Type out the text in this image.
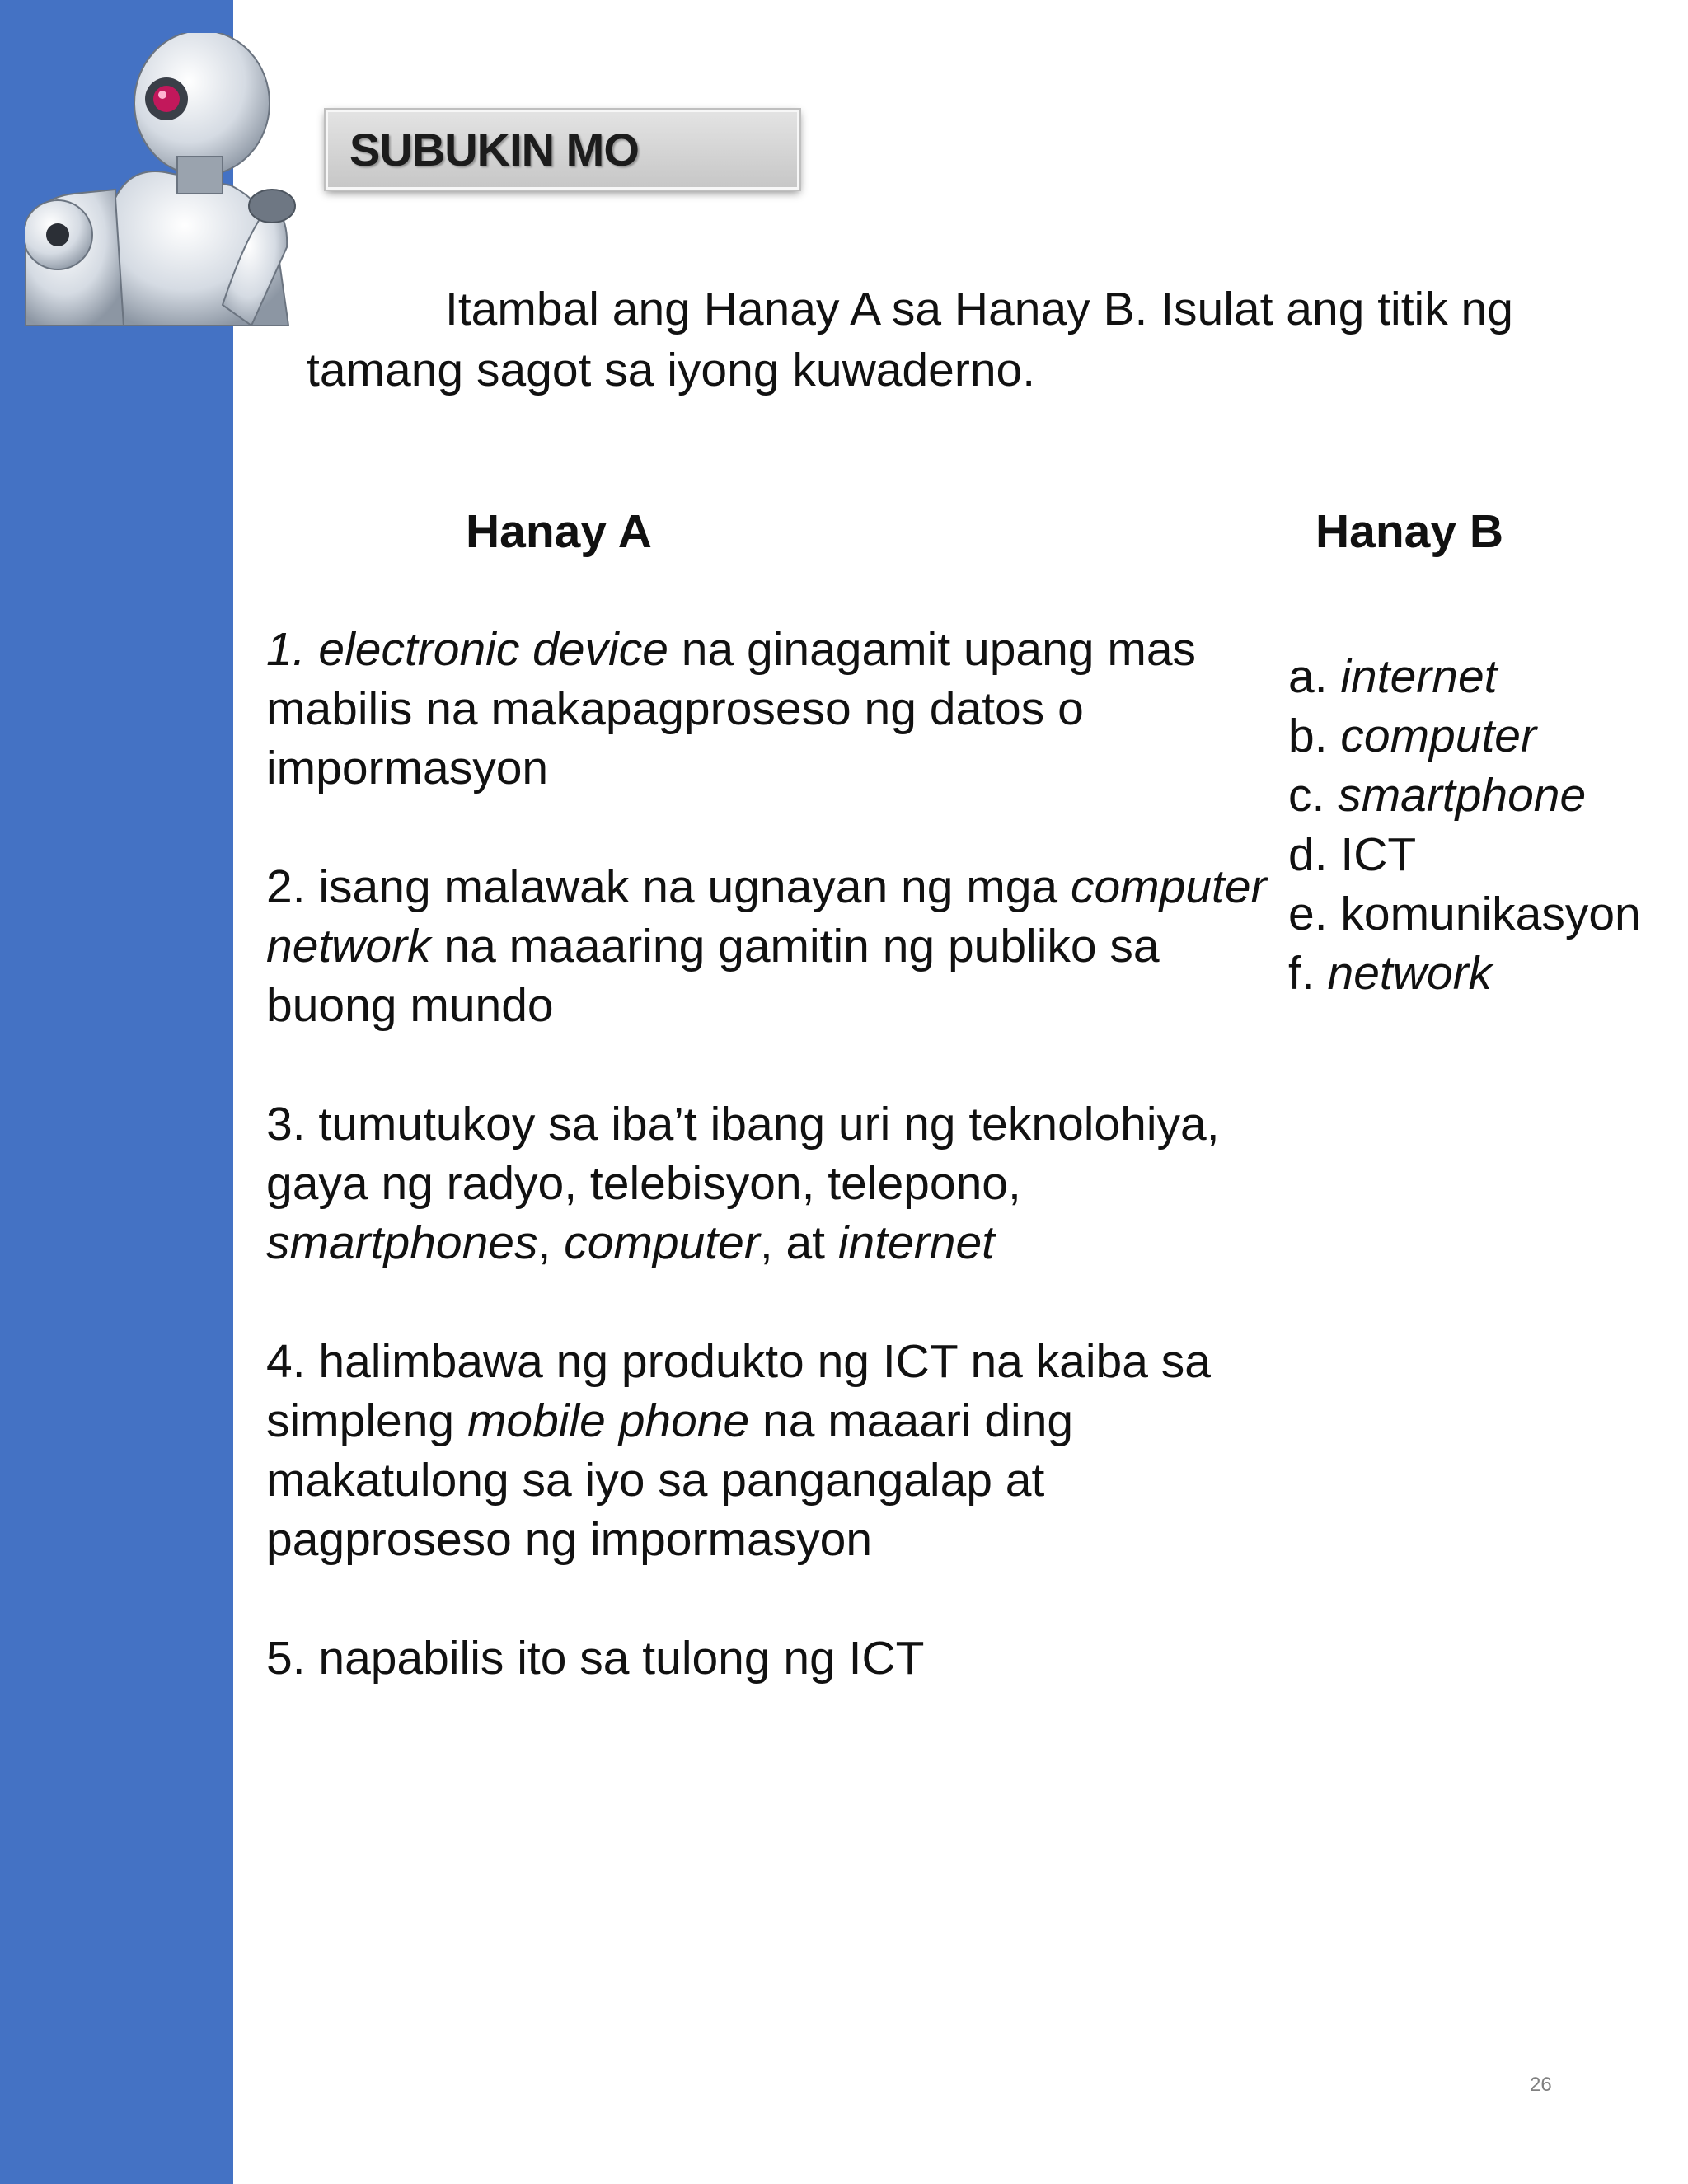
SUBUKIN MO
Itambal ang Hanay A sa Hanay B. Isulat ang titik ng tamang sagot sa iyong kuwaderno.
Hanay A	Hanay B
1. electronic device na ginagamit upang mas mabilis na makapagproseso ng datos o impormasyon
2. isang malawak na ugnayan ng mga computer network na maaaring gamitin ng publiko sa buong mundo
3. tumutukoy sa iba’t ibang uri ng teknolohiya, gaya ng radyo, telebisyon, telepono, smartphones, computer, at internet
4. halimbawa ng produkto ng ICT na kaiba sa simpleng mobile phone na maaari ding makatulong sa iyo sa pangangalap at pagproseso ng impormasyon
5. napabilis ito sa tulong ng ICT
a. internet
b. computer
c. smartphone
d. ICT
e. komunikasyon
f. network
26
